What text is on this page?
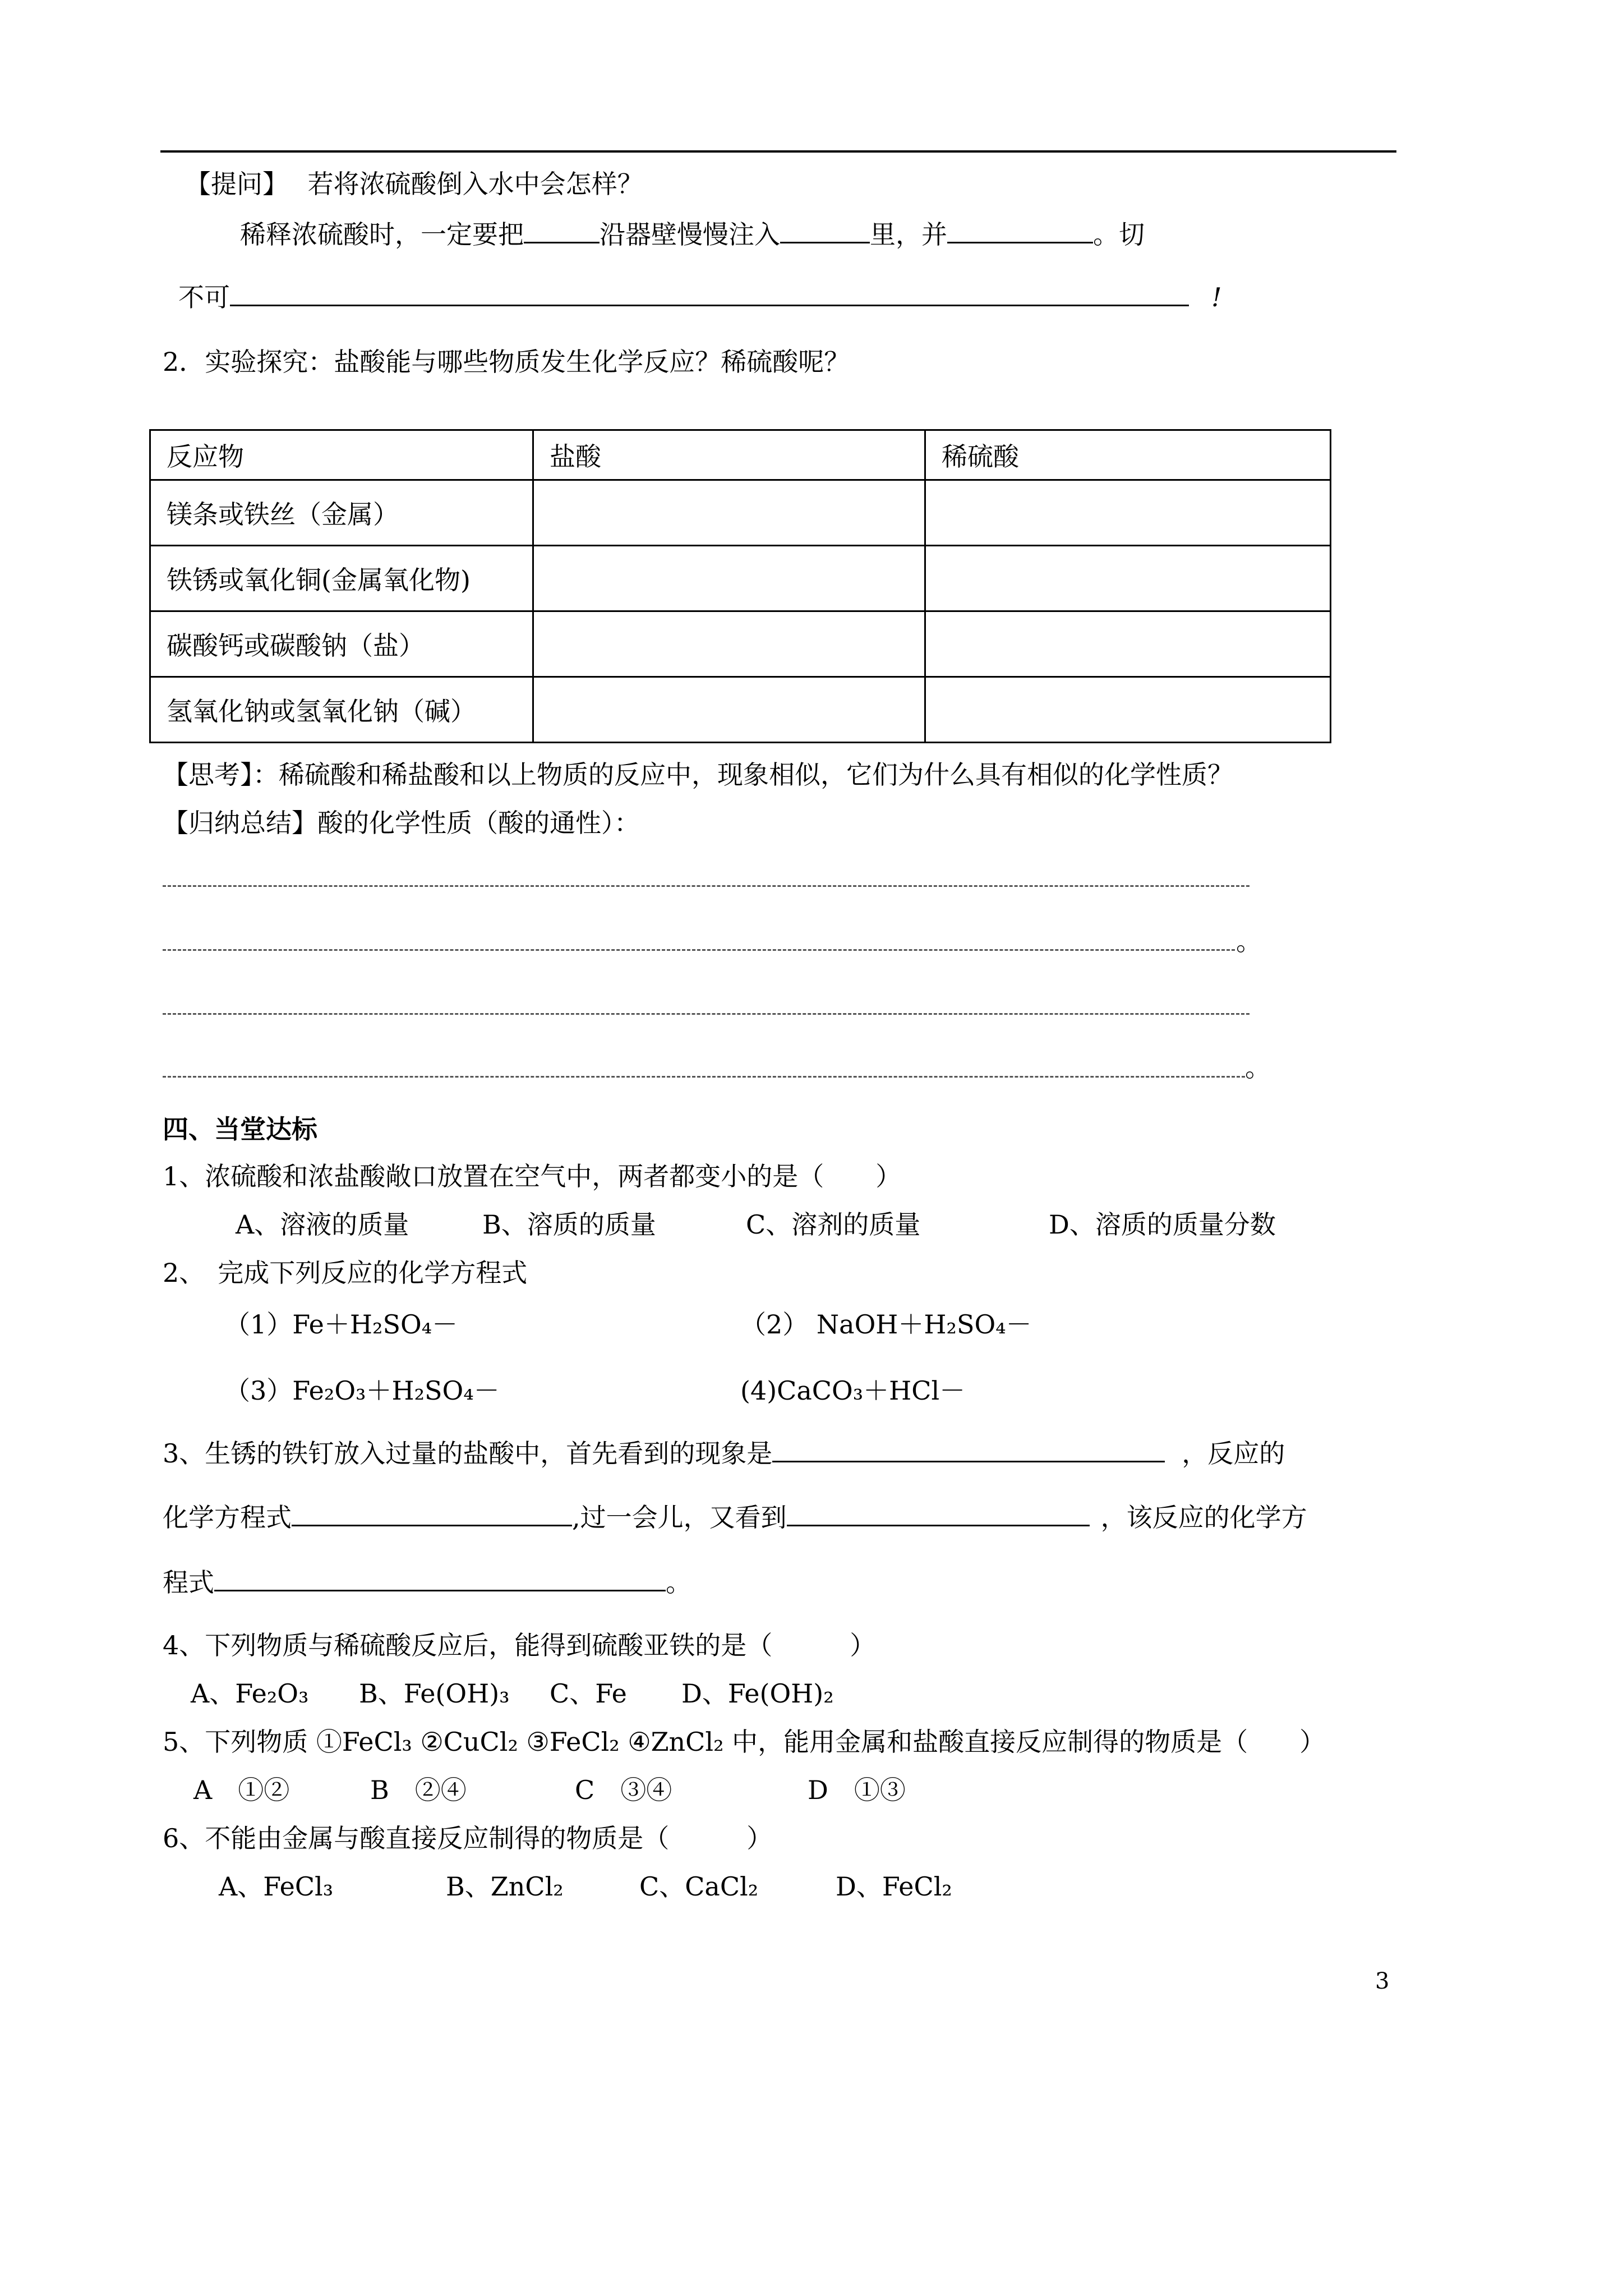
【提问】 若将浓硫酸倒入水中会怎样？
稀释浓硫酸时，一定要把	沿器壁慢慢注入	里，并	。切
不可	!
2．实验探究：盐酸能与哪些物质发生化学反应？稀硫酸呢？
反应物	盐酸	稀硫酸
镁条或铁丝（金属）		
铁锈或氧化铜(金属氧化物)		
碳酸钙或碳酸钠（盐）		
氢氧化钠或氢氧化钠（碱）		
【思考】：稀硫酸和稀盐酸和以上物质的反应中，现象相似，它们为什么具有相似的化学性质？
【归纳总结】酸的化学性质（酸的通性）：
。
。
四、当堂达标
1、浓硫酸和浓盐酸敞口放置在空气中，两者都变小的是（　　）
A、溶液的质量	B、溶质的质量	C、溶剂的质量	D、溶质的质量分数
2、　完成下列反应的化学方程式
（1）Fe＋H₂SO₄－	（2） NaOH＋H₂SO₄－
（3）Fe₂O₃＋H₂SO₄－	(4)CaCO₃＋HCl－
3、生锈的铁钉放入过量的盐酸中，首先看到的现象是	，反应的
化学方程式	,过一会儿，又看到	，该反应的化学方
程式	。
4、下列物质与稀硫酸反应后，能得到硫酸亚铁的是（　　　）
A、Fe₂O₃ B、Fe(OH)₃ C、Fe D、Fe(OH)₂
5、下列物质 ①FeCl₃ ②CuCl₂ ③FeCl₂ ④ZnCl₂ 中，能用金属和盐酸直接反应制得的物质是（　　）
A　①②	B　②④	C　③④	D　①③
6、不能由金属与酸直接反应制得的物质是（　　　）
A、FeCl₃	B、ZnCl₂	C、CaCl₂	D、FeCl₂
3
